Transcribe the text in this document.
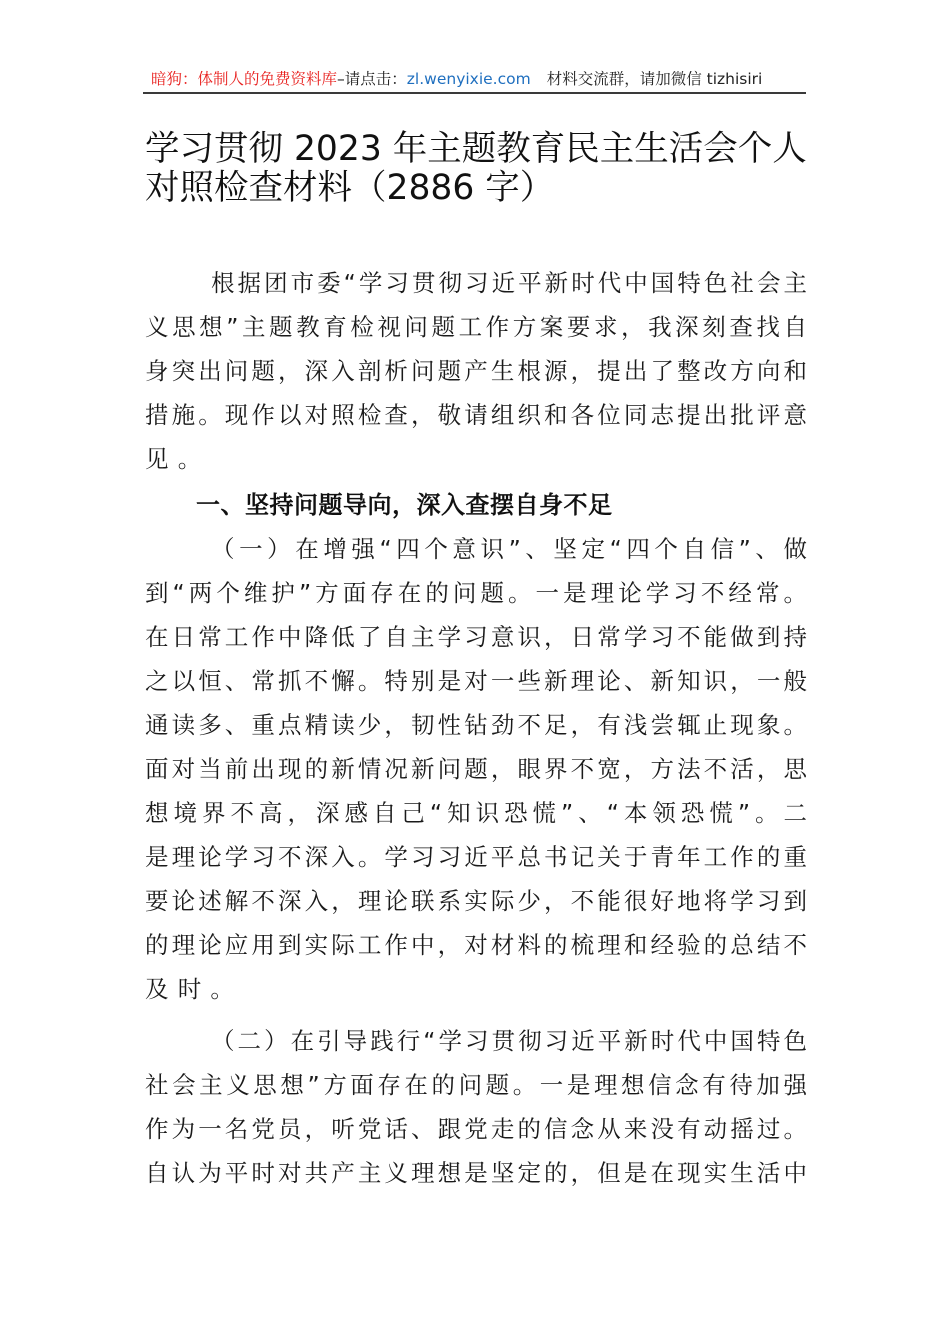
暗狗：体制人的免费资料库–请点击：zl.wenyixie.com 材料交流群，请加微信 tizhisiri
学习贯彻 2023 年主题教育民主生活会个人
对照检查材料（2886 字）
根据团市委“学习贯彻习近平新时代中国特色社会主
义思想”主题教育检视问题工作方案要求，我深刻查找自
身突出问题，深入剖析问题产生根源，提出了整改方向和
措施。现作以对照检查，敬请组织和各位同志提出批评意
见。
一、坚持问题导向，深入查摆自身不足
（一）在增强“四个意识”、坚定“四个自信”、做
到“两个维护”方面存在的问题。一是理论学习不经常。
在日常工作中降低了自主学习意识，日常学习不能做到持
之以恒、常抓不懈。特别是对一些新理论、新知识，一般
通读多、重点精读少，韧性钻劲不足，有浅尝辄止现象。
面对当前出现的新情况新问题，眼界不宽，方法不活，思
想境界不高，深感自己“知识恐慌”、“本领恐慌”。二
是理论学习不深入。学习习近平总书记关于青年工作的重
要论述解不深入，理论联系实际少，不能很好地将学习到
的理论应用到实际工作中，对材料的梳理和经验的总结不
及时。
（二）在引导践行“学习贯彻习近平新时代中国特色
社会主义思想”方面存在的问题。一是理想信念有待加强
作为一名党员，听党话、跟党走的信念从来没有动摇过。
自认为平时对共产主义理想是坚定的，但是在现实生活中
